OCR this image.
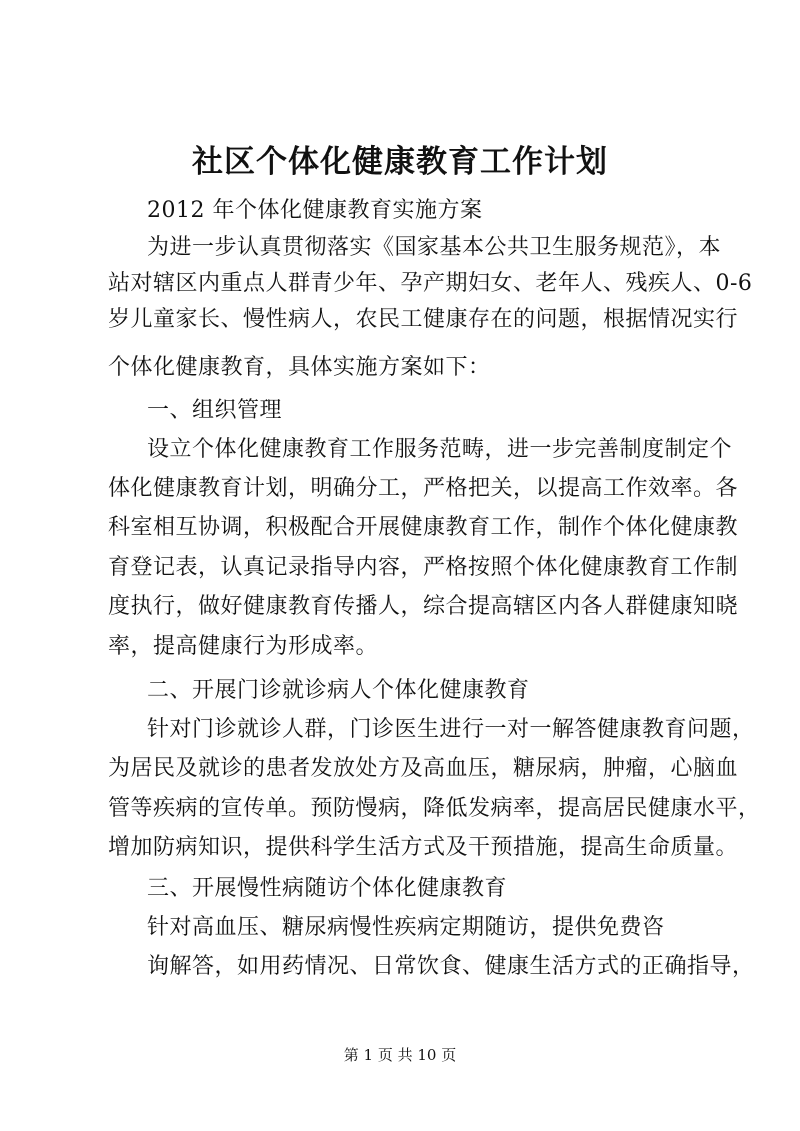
社区个体化健康教育工作计划
2012 年个体化健康教育实施方案
为进一步认真贯彻落实《国家基本公共卫生服务规范》，本
站对辖区内重点人群青少年、孕产期妇女、老年人、残疾人、0-6
岁儿童家长、慢性病人，农民工健康存在的问题，根据情况实行
个体化健康教育，具体实施方案如下：
一、组织管理
设立个体化健康教育工作服务范畴，进一步完善制度制定个
体化健康教育计划，明确分工，严格把关，以提高工作效率。各
科室相互协调，积极配合开展健康教育工作，制作个体化健康教
育登记表，认真记录指导内容，严格按照个体化健康教育工作制
度执行，做好健康教育传播人，综合提高辖区内各人群健康知晓
率，提高健康行为形成率。
二、开展门诊就诊病人个体化健康教育
针对门诊就诊人群，门诊医生进行一对一解答健康教育问题，
为居民及就诊的患者发放处方及高血压，糖尿病，肿瘤，心脑血
管等疾病的宣传单。预防慢病，降低发病率，提高居民健康水平，
增加防病知识，提供科学生活方式及干预措施，提高生命质量。
三、开展慢性病随访个体化健康教育
针对高血压、糖尿病慢性疾病定期随访，提供免费咨
询解答，如用药情况、日常饮食、健康生活方式的正确指导，
第 1 页 共 10 页
